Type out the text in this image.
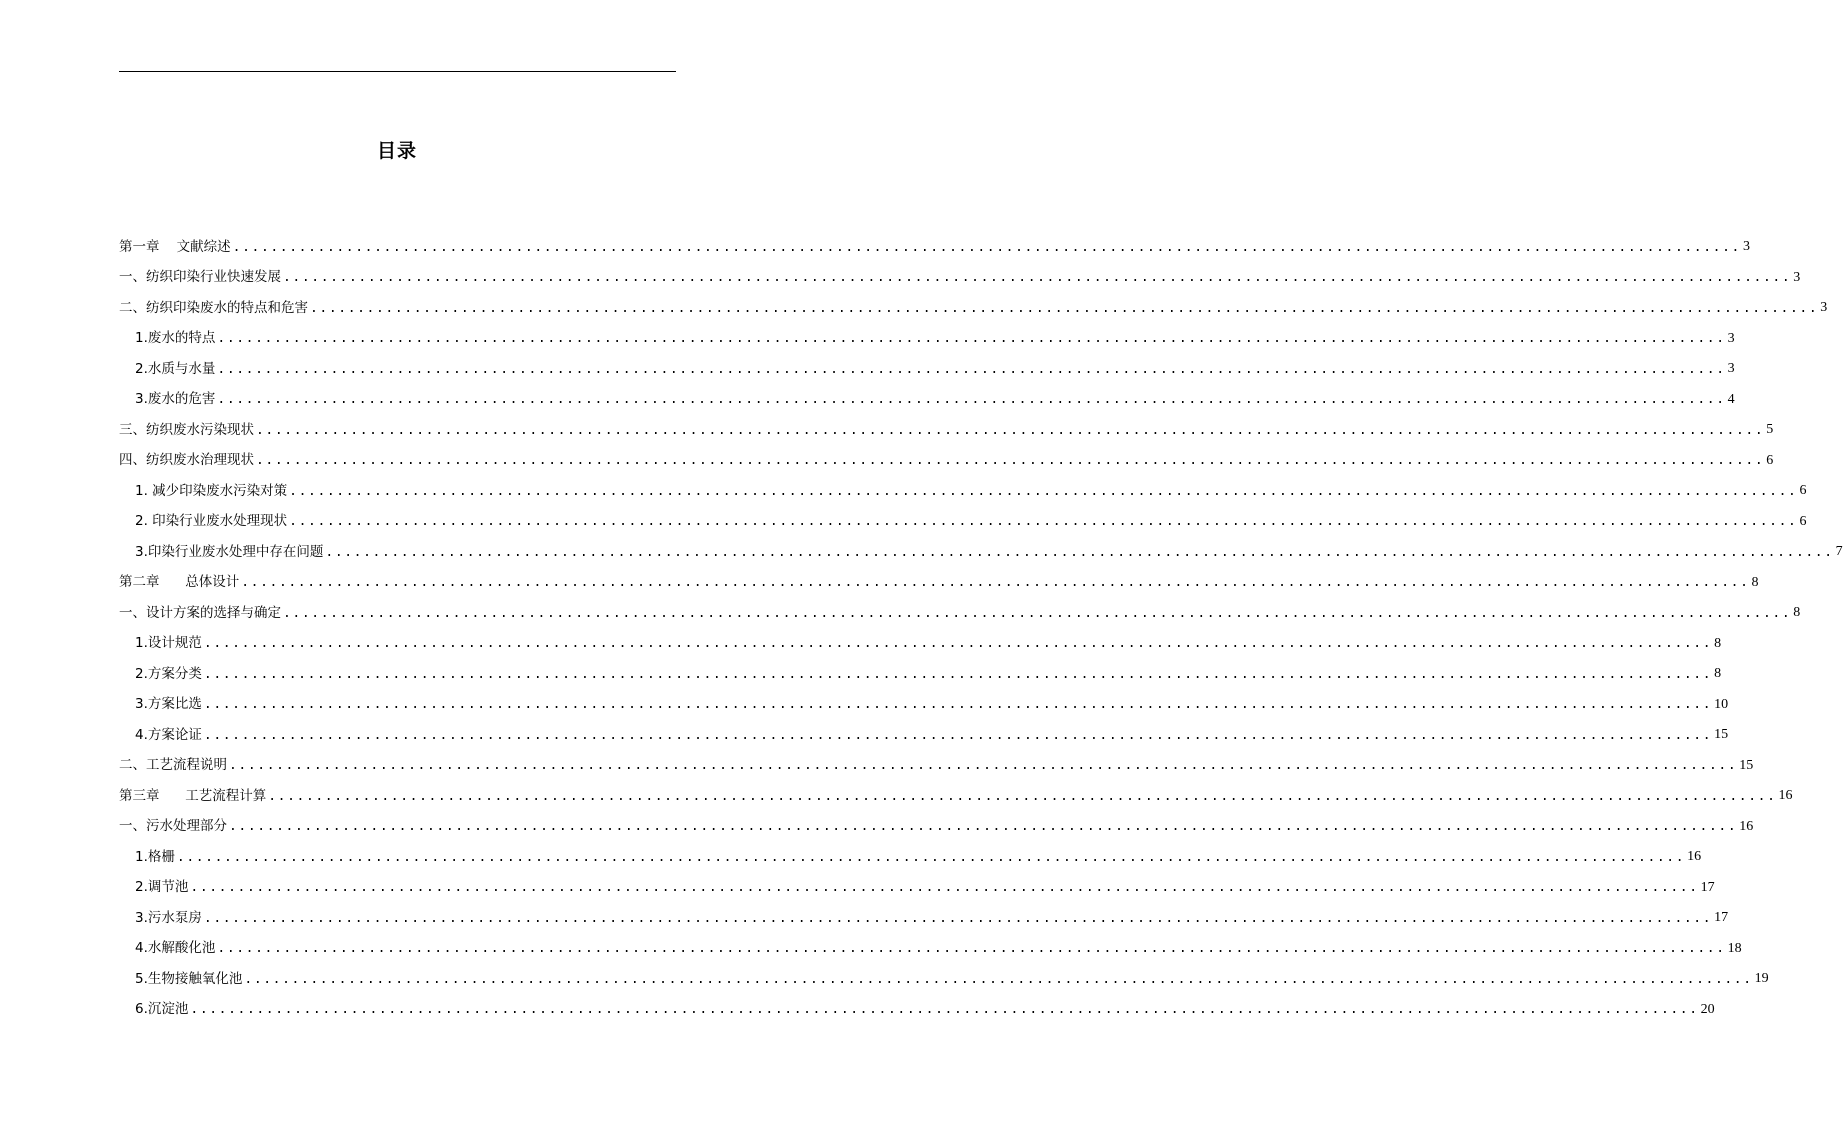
目录
第一章    文献综述 ................................................................................................................................................................ 3
一、纺织印染行业快速发展 ................................................................................................................................................................ 3
二、纺织印染废水的特点和危害 ................................................................................................................................................................ 3
1.废水的特点 ................................................................................................................................................................ 3
2.水质与水量 ................................................................................................................................................................ 3
3.废水的危害 ................................................................................................................................................................ 4
三、纺织废水污染现状 ................................................................................................................................................................ 5
四、纺织废水治理现状 ................................................................................................................................................................ 6
1. 减少印染废水污染对策 ................................................................................................................................................................ 6
2. 印染行业废水处理现状 ................................................................................................................................................................ 6
3.印染行业废水处理中存在问题 ................................................................................................................................................................ 7
第二章      总体设计 ................................................................................................................................................................ 8
一、设计方案的选择与确定 ................................................................................................................................................................ 8
1.设计规范 ................................................................................................................................................................ 8
2.方案分类 ................................................................................................................................................................ 8
3.方案比选 ................................................................................................................................................................ 10
4.方案论证 ................................................................................................................................................................ 15
二、工艺流程说明 ................................................................................................................................................................ 15
第三章      工艺流程计算 ................................................................................................................................................................ 16
一、污水处理部分 ................................................................................................................................................................ 16
1.格栅 ................................................................................................................................................................ 16
2.调节池 ................................................................................................................................................................ 17
3.污水泵房 ................................................................................................................................................................ 17
4.水解酸化池 ................................................................................................................................................................ 18
5.生物接触氧化池 ................................................................................................................................................................ 19
6.沉淀池 ................................................................................................................................................................ 20
